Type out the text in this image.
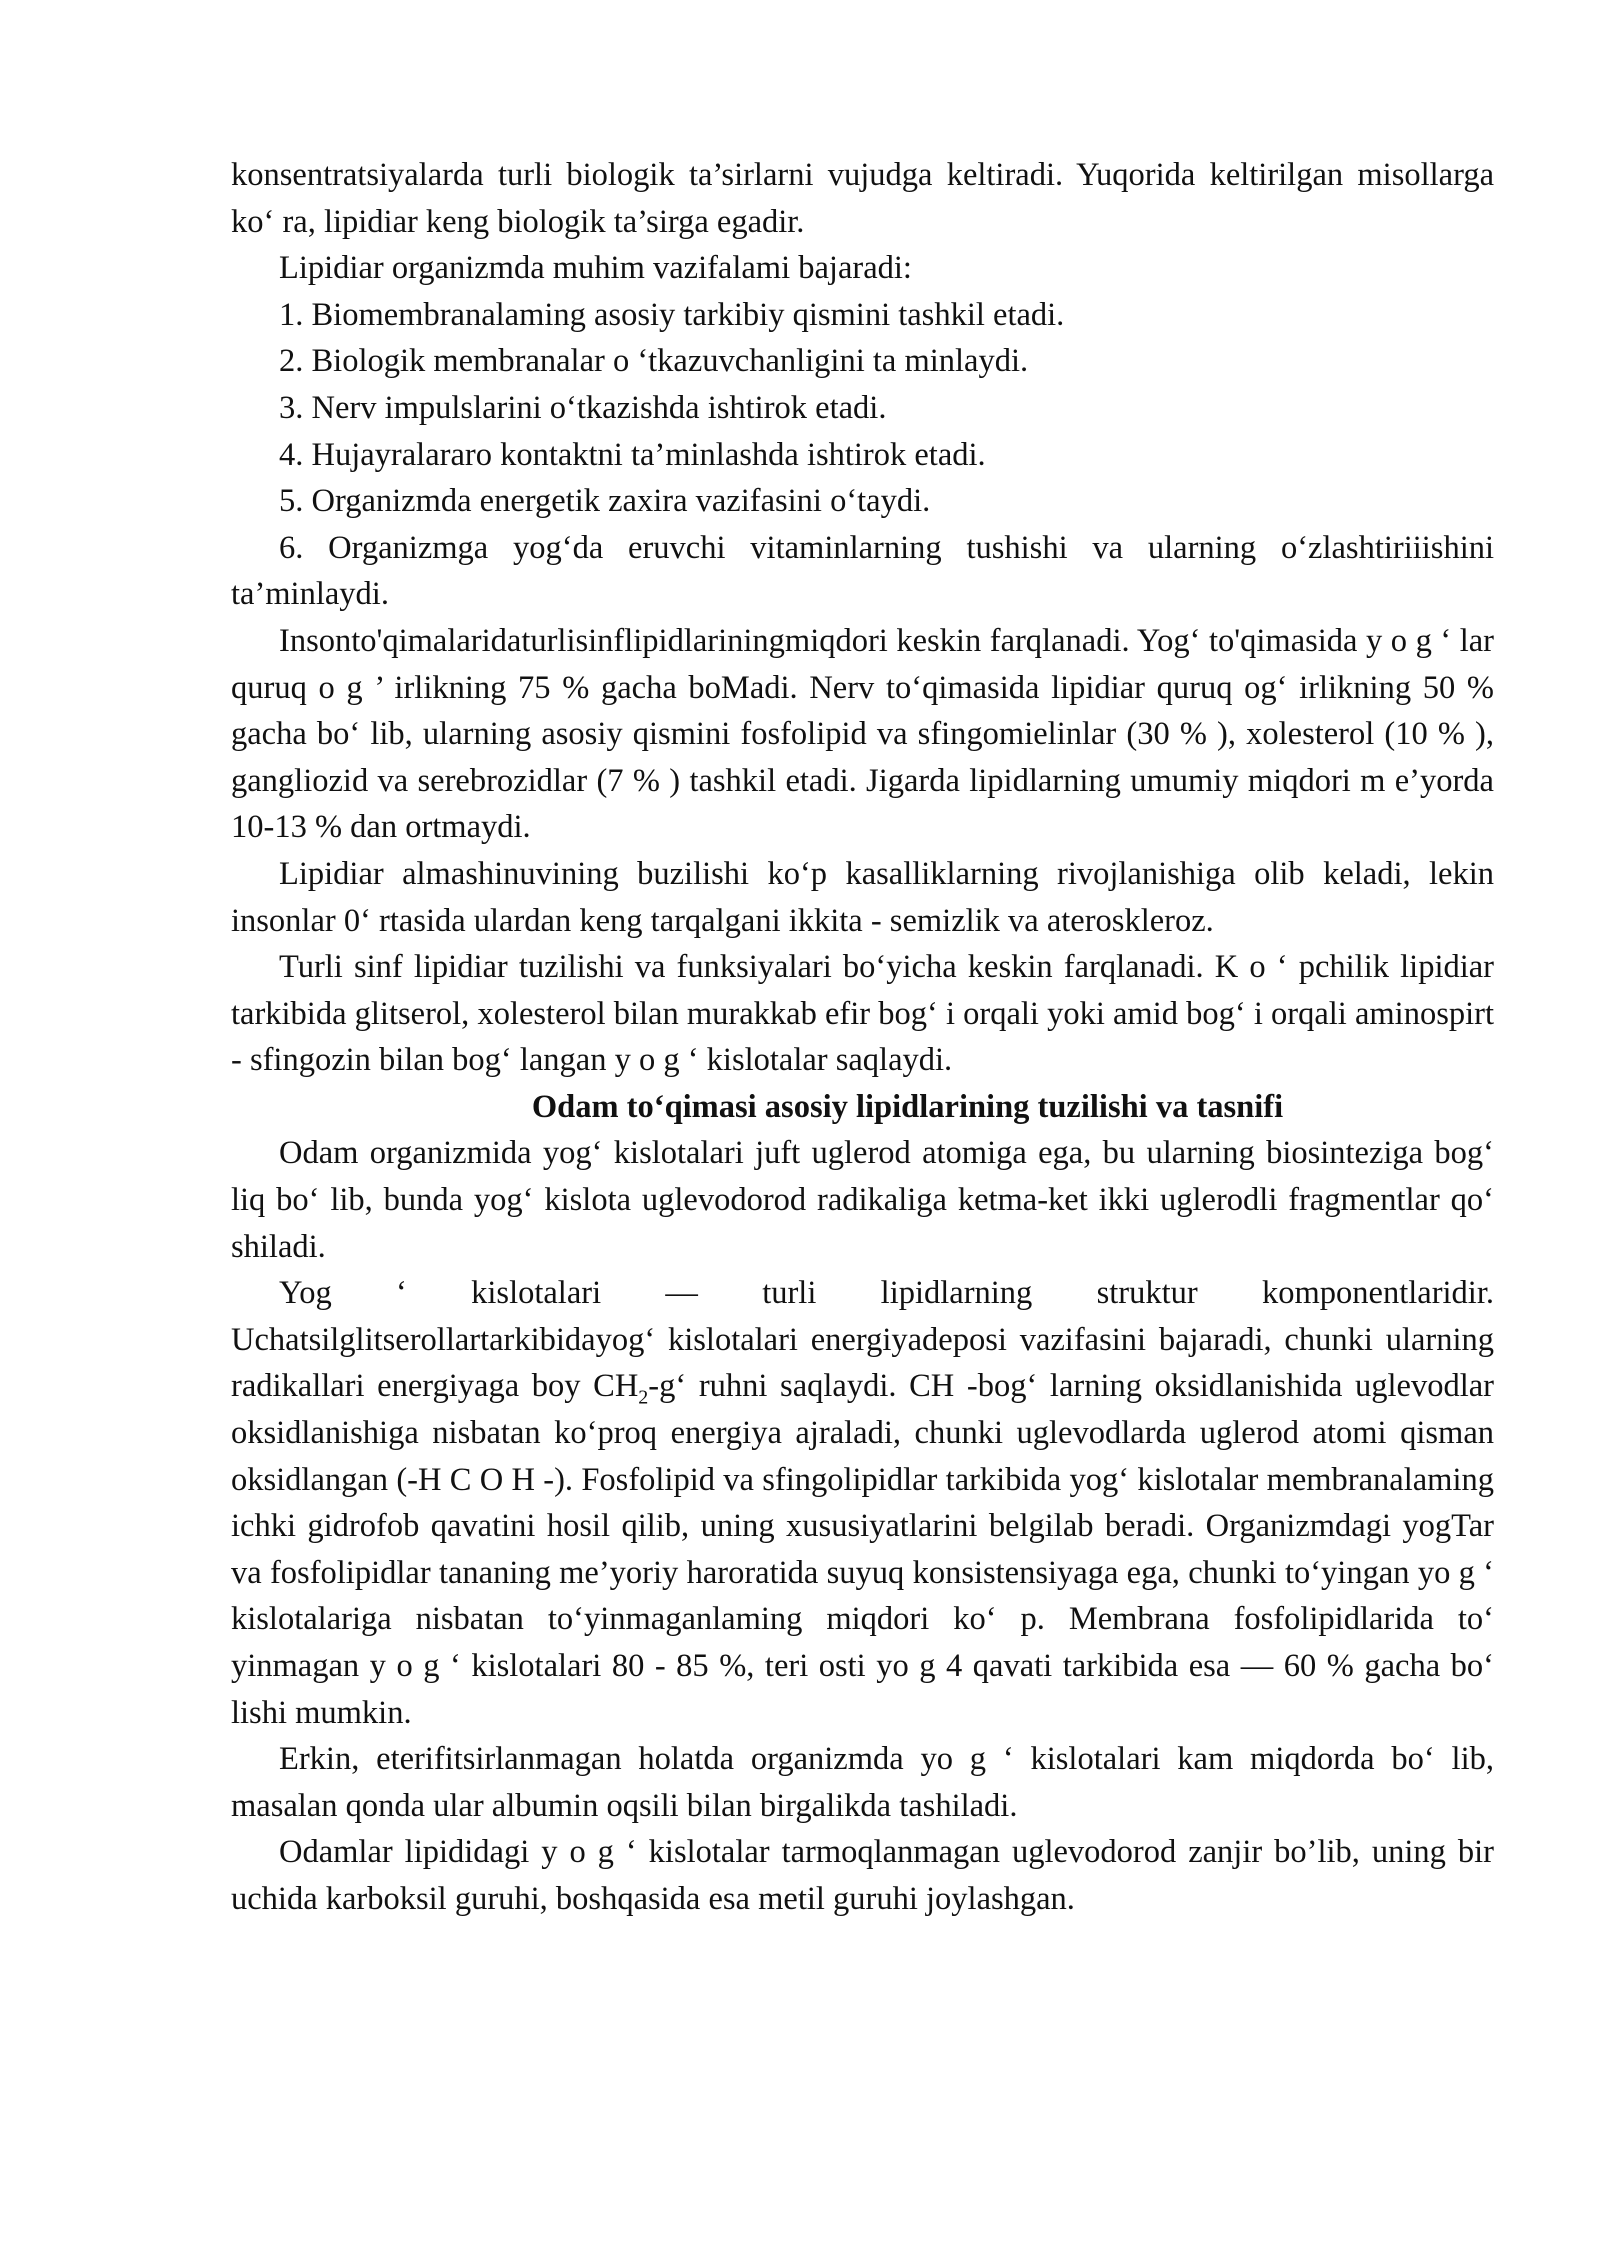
konsentratsiyalarda turli biologik ta’sirlarni vujudga keltiradi. Yuqorida keltirilgan misollarga ko‘ ra, lipidiar keng biologik ta’sirga egadir.

Lipidiar organizmda muhim vazifalami bajaradi:

1. Biomembranalaming asosiy tarkibiy qismini tashkil etadi.

2. Biologik membranalar o ‘tkazuvchanligini ta minlaydi.

3. Nerv impulslarini o‘tkazishda ishtirok etadi.

4. Hujayralararo kontaktni ta’minlashda ishtirok etadi.

5. Organizmda energetik zaxira vazifasini o‘taydi.

6. Organizmga yog‘da eruvchi vitaminlarning tushishi va ularning o‘zlashtiriiishini ta’minlaydi.

Insonto'qimalaridaturlisinflipidlariningmiqdori keskin farqlanadi. Yog‘ to'qimasida y o g ‘ lar quruq o g ’ irlikning 75 % gacha boMadi. Nerv to‘qimasida lipidiar quruq og‘ irlikning 50 % gacha bo‘ lib, ularning asosiy qismini fosfolipid va sfingomielinlar (30 % ), xolesterol (10 % ), gangliozid va serebrozidlar (7 % ) tashkil etadi. Jigarda lipidlarning umumiy miqdori m e’yorda 10-13 % dan ortmaydi.

Lipidiar almashinuvining buzilishi ko‘p kasalliklarning rivojlanishiga olib keladi, lekin insonlar 0‘ rtasida ulardan keng tarqalgani ikkita - semizlik va ateroskleroz.

Turli sinf lipidiar tuzilishi va funksiyalari bo‘yicha keskin farqlanadi. K o ‘ pchilik lipidiar tarkibida glitserol, xolesterol bilan murakkab efir bog‘ i orqali yoki amid bog‘ i orqali aminospirt - sfingozin bilan bog‘ langan y o g ‘ kislotalar saqlaydi.

Odam to‘qimasi asosiy lipidlarining tuzilishi va tasnifi

Odam organizmida yog‘ kislotalari juft uglerod atomiga ega, bu ularning biosinteziga bog‘ liq bo‘ lib, bunda yog‘ kislota uglevodorod radikaliga ketma-ket ikki uglerodli fragmentlar qo‘ shiladi.

Yog ‘ kislotalari — turli lipidlarning struktur komponentlaridir. Uchatsilglitserollartarkibidayog‘ kislotalari energiyadeposi vazifasini bajaradi, chunki ularning radikallari energiyaga boy $CH_2-g‘$ ruhni saqlaydi. CH -bog‘ larning oksidlanishida uglevodlar oksidlanishiga nisbatan ko‘proq energiya ajraladi, chunki uglevodlarda uglerod atomi qisman oksidlangan (-H C O H -). Fosfolipid va sfingolipidlar tarkibida yog‘ kislotalar membranalaming ichki gidrofob qavatini hosil qilib, uning xususiyatlarini belgilab beradi. Organizmdagi yogTar va fosfolipidlar tananing me’yoriy haroratida suyuq konsistensiyaga ega, chunki to‘yingan yo g ‘ kislotalariga nisbatan to‘yinmaganlaming miqdori ko‘ p. Membrana fosfolipidlarida to‘ yinmagan y o g ‘ kislotalari 80 - 85 %, teri osti yo g 4 qavati tarkibida esa — 60 % gacha bo‘ lishi mumkin.

Erkin, eterifitsirlanmagan holatda organizmda yo g ‘ kislotalari kam miqdorda bo‘ lib, masalan qonda ular albumin oqsili bilan birgalikda tashiladi.

Odamlar lipididagi y o g ‘ kislotalar tarmoqlanmagan uglevodorod zanjir bo’lib, uning bir uchida karboksil guruhi, boshqasida esa metil guruhi joylashgan.
